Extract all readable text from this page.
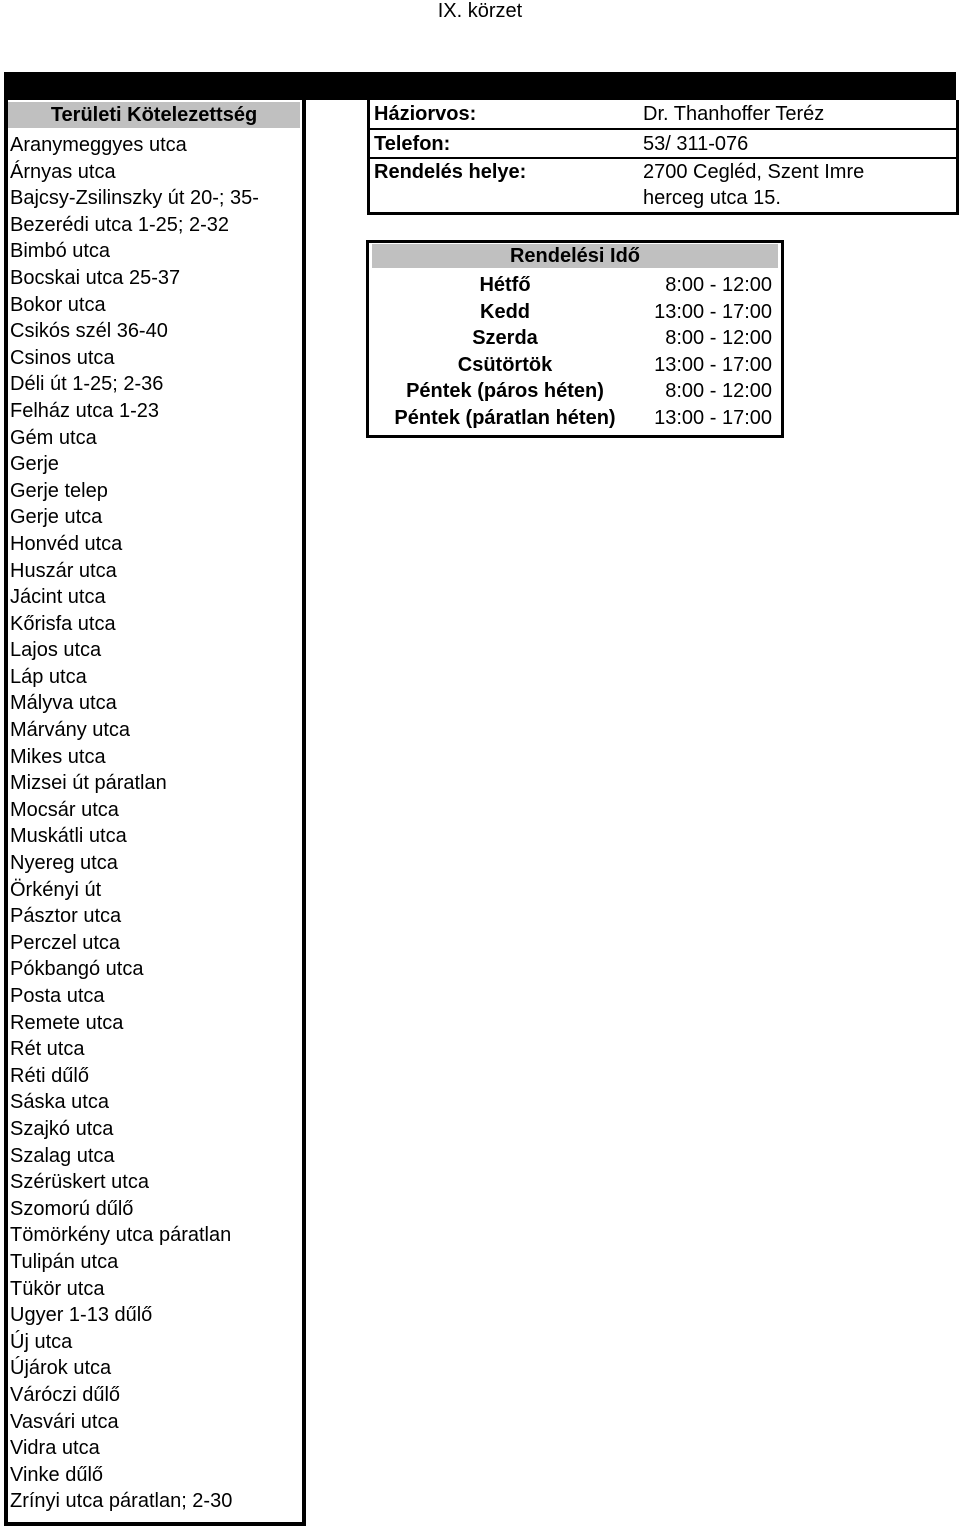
IX. körzet
IX. körzet
Területi Kötelezettség
Aranymeggyes utca
Árnyas utca
Bajcsy-Zsilinszky út 20-; 35-
Bezerédi utca 1-25; 2-32
Bimbó utca
Bocskai utca 25-37
Bokor utca
Csikós szél 36-40
Csinos utca
Déli út 1-25; 2-36
Felház utca 1-23
Gém utca
Gerje
Gerje telep
Gerje utca
Honvéd utca
Huszár utca
Jácint utca
Kőrisfa utca
Lajos utca
Láp utca
Mályva utca
Márvány utca
Mikes utca
Mizsei út páratlan
Mocsár utca
Muskátli utca
Nyereg utca
Örkényi út
Pásztor utca
Perczel utca
Pókbangó utca
Posta utca
Remete utca
Rét utca
Réti dűlő
Sáska utca
Szajkó utca
Szalag utca
Szérüskert utca
Szomorú dűlő
Tömörkény utca páratlan
Tulipán utca
Tükör utca
Ugyer 1-13 dűlő
Új utca
Újárok utca
Váróczi dűlő
Vasvári utca
Vidra utca
Vinke dűlő
Zrínyi utca páratlan; 2-30
Háziorvos:	Dr. Thanhoffer Teréz
Telefon:	53/ 311-076
Rendelés helye:	2700 Cegléd, Szent Imre
herceg utca 15.
Rendelési Idő
Hétfő	8:00 - 12:00
Kedd	13:00 - 17:00
Szerda	8:00 - 12:00
Csütörtök	13:00 - 17:00
Péntek (páros héten)	8:00 - 12:00
Péntek (páratlan héten)	13:00 - 17:00
